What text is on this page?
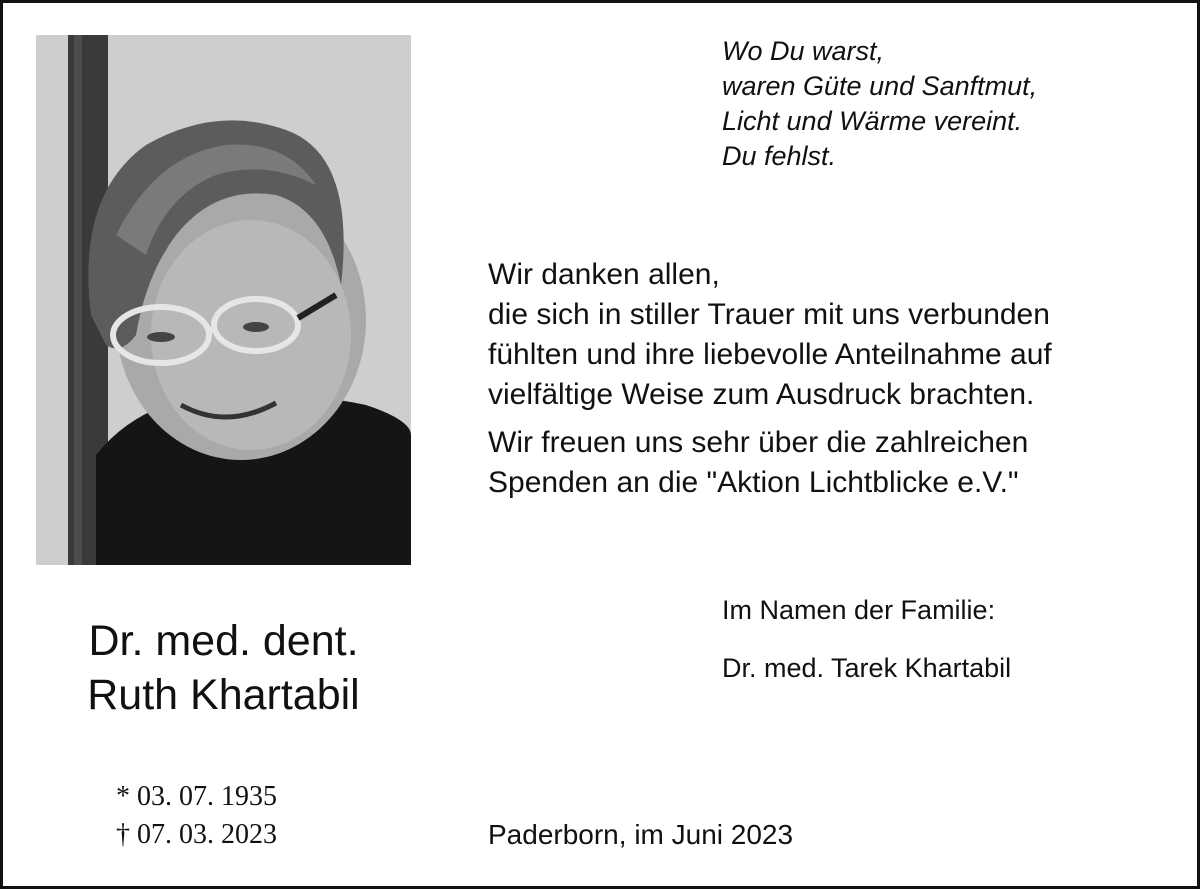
Wo Du warst,
waren Güte und Sanftmut,
Licht und Wärme vereint.
Du fehlst.
Wir danken allen,
die sich in stiller Trauer mit uns verbunden
fühlten und ihre liebevolle Anteilnahme auf
vielfältige Weise zum Ausdruck brachten.
Wir freuen uns sehr über die zahlreichen
Spenden an die "Aktion Lichtblicke e.V."
Im Namen der Familie:
Dr. med. Tarek Khartabil
Dr. med. dent.
Ruth Khartabil
* 03. 07. 1935
† 07. 03. 2023	Paderborn, im Juni 2023
